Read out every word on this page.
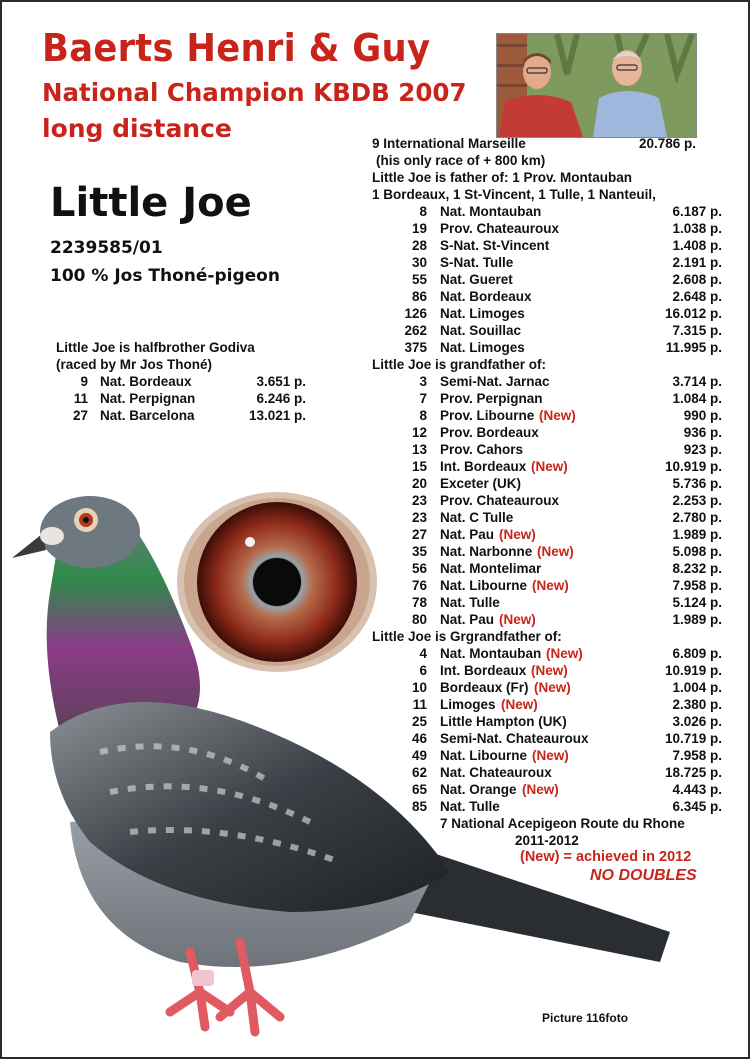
Baerts Henri & Guy
National Champion KBDB 2007
long distance
Little Joe
2239585/01
100 % Jos Thoné-pigeon
Little Joe is halfbrother Godiva
(raced by Mr Jos Thoné)
9 Nat. Bordeaux	3.651 p.
11 Nat. Perpignan	6.246 p.
27 Nat. Barcelona	13.021 p.
9 International Marseille	20.786 p.
(his only race of + 800 km)
Little Joe is father of: 1 Prov. Montauban
1 Bordeaux, 1 St-Vincent, 1 Tulle, 1 Nanteuil,
8 Nat. Montauban	6.187 p.
19 Prov. Chateauroux	1.038 p.
28 S-Nat. St-Vincent	1.408 p.
30 S-Nat. Tulle	2.191 p.
55 Nat. Gueret	2.608 p.
86 Nat. Bordeaux	2.648 p.
126 Nat. Limoges	16.012 p.
262 Nat. Souillac	7.315 p.
375 Nat. Limoges	11.995 p.
Little Joe is grandfather of:
3 Semi-Nat. Jarnac	3.714 p.
7 Prov. Perpignan	1.084 p.
8 Prov. Libourne (New)	990 p.
12 Prov. Bordeaux	936 p.
13 Prov. Cahors	923 p.
15 Int. Bordeaux (New)	10.919 p.
20 Exceter (UK)	5.736 p.
23 Prov. Chateauroux	2.253 p.
23 Nat. C Tulle	2.780 p.
27 Nat. Pau (New)	1.989 p.
35 Nat. Narbonne (New)	5.098 p.
56 Nat. Montelimar	8.232 p.
76 Nat. Libourne (New)	7.958 p.
78 Nat. Tulle	5.124 p.
80 Nat. Pau (New)	1.989 p.
Little Joe is Grgrandfather of:
4 Nat. Montauban (New)	6.809 p.
6 Int. Bordeaux (New)	10.919 p.
10 Bordeaux (Fr) (New)	1.004 p.
11 Limoges (New)	2.380 p.
25 Little Hampton (UK)	3.026 p.
46 Semi-Nat. Chateauroux	10.719 p.
49 Nat. Libourne (New)	7.958 p.
62 Nat. Chateauroux	18.725 p.
65 Nat. Orange (New)	4.443 p.
85 Nat. Tulle	6.345 p.
7 National Acepigeon Route du Rhone
2011-2012
(New) = achieved in 2012
NO DOUBLES
Picture 116foto
